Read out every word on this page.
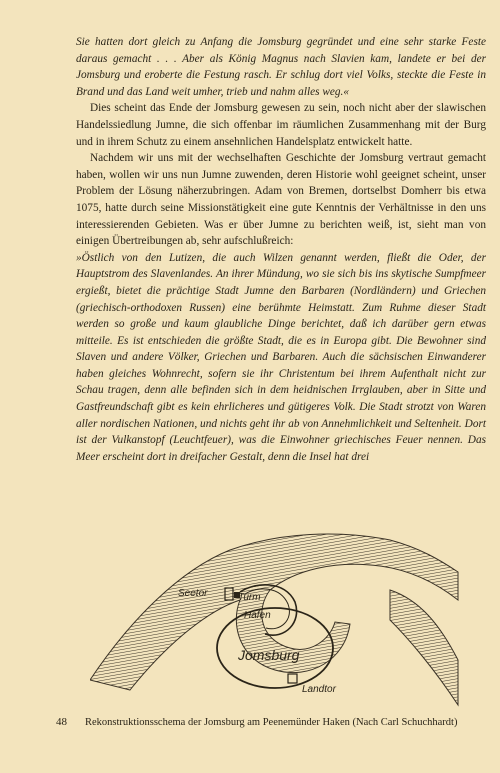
Sie hatten dort gleich zu Anfang die Jomsburg gegründet und eine sehr starke Feste daraus gemacht . . . Aber als König Magnus nach Slavien kam, landete er bei der Jomsburg und eroberte die Festung rasch. Er schlug dort viel Volks, steckte die Feste in Brand und das Land weit umher, trieb und nahm alles weg.«

Dies scheint das Ende der Jomsburg gewesen zu sein, noch nicht aber der slawischen Handelssiedlung Jumne, die sich offenbar im räumlichen Zusammenhang mit der Burg und in ihrem Schutz zu einem ansehnlichen Handelsplatz entwickelt hatte.

Nachdem wir uns mit der wechselhaften Geschichte der Jomsburg vertraut gemacht haben, wollen wir uns nun Jumne zuwenden, deren Historie wohl geeignet scheint, unser Problem der Lösung näherzubringen. Adam von Bremen, dortselbst Domherr bis etwa 1075, hatte durch seine Missionstätigkeit eine gute Kenntnis der Verhältnisse in den uns interessierenden Gebieten. Was er über Jumne zu berichten weiß, ist, sieht man von einigen Übertreibungen ab, sehr aufschlußreich:

»Östlich von den Lutizen, die auch Wilzen genannt werden, fließt die Oder, der Hauptstrom des Slavenlandes. An ihrer Mündung, wo sie sich bis ins skytische Sumpfmeer ergießt, bietet die prächtige Stadt Jumne den Barbaren (Nordländern) und Griechen (griechisch-orthodoxen Russen) eine berühmte Heimstatt. Zum Ruhme dieser Stadt werden so große und kaum glaubliche Dinge berichtet, daß ich darüber gern etwas mitteile. Es ist entschieden die größte Stadt, die es in Europa gibt. Die Bewohner sind Slaven und andere Völker, Griechen und Barbaren. Auch die sächsischen Einwanderer haben gleiches Wohnrecht, sofern sie ihr Christentum bei ihrem Aufenthalt nicht zur Schau tragen, denn alle befinden sich in dem heidnischen Irrglauben, aber in Sitte und Gastfreundschaft gibt es kein ehrlicheres und gütigeres Volk. Die Stadt strotzt von Waren aller nordischen Nationen, und nichts geht ihr ab von Annehmlichkeit und Seltenheit. Dort ist der Vulkanstopf (Leuchtfeuer), was die Einwohner griechisches Feuer nennen. Das Meer erscheint dort in dreifacher Gestalt, denn die Insel hat drei

Seetor	Turm
Hafen
Jomsburg
Landtor
48 Rekonstruktionsschema der Jomsburg am Peenemünder Haken (Nach Carl Schuchhardt)
